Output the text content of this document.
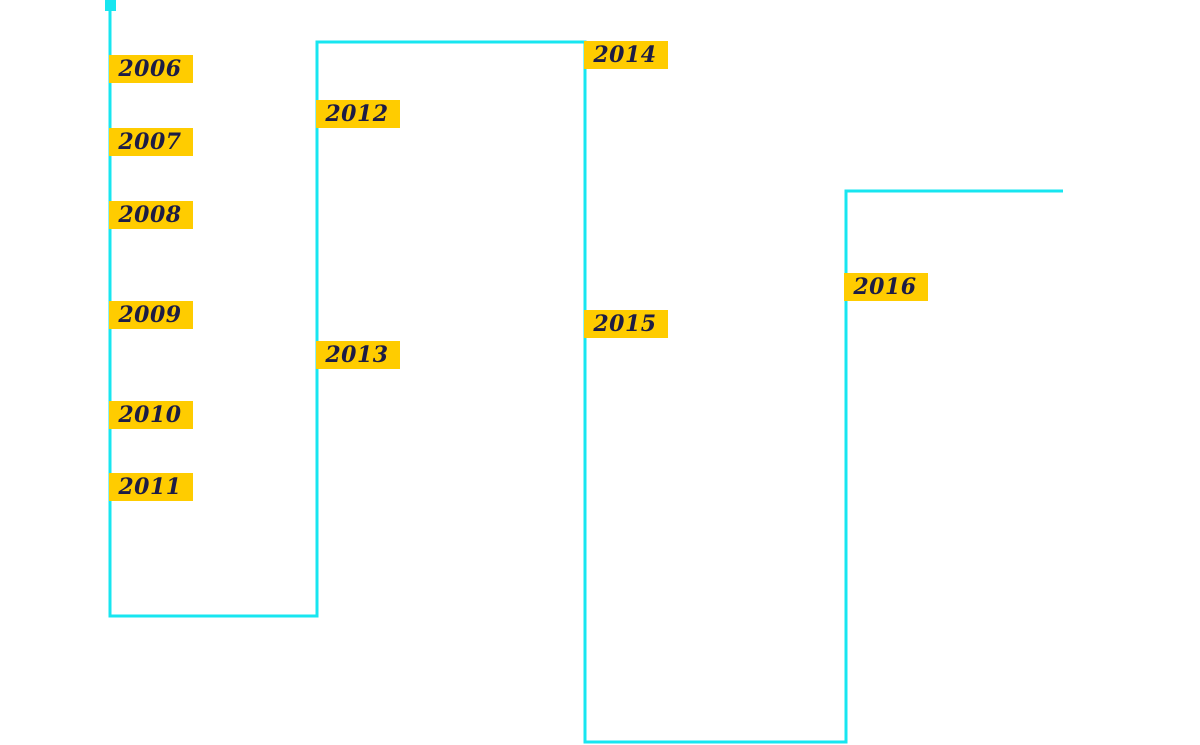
2006
2007
2008
2009
2010
2011
2012
2013
2014
2015
2016
